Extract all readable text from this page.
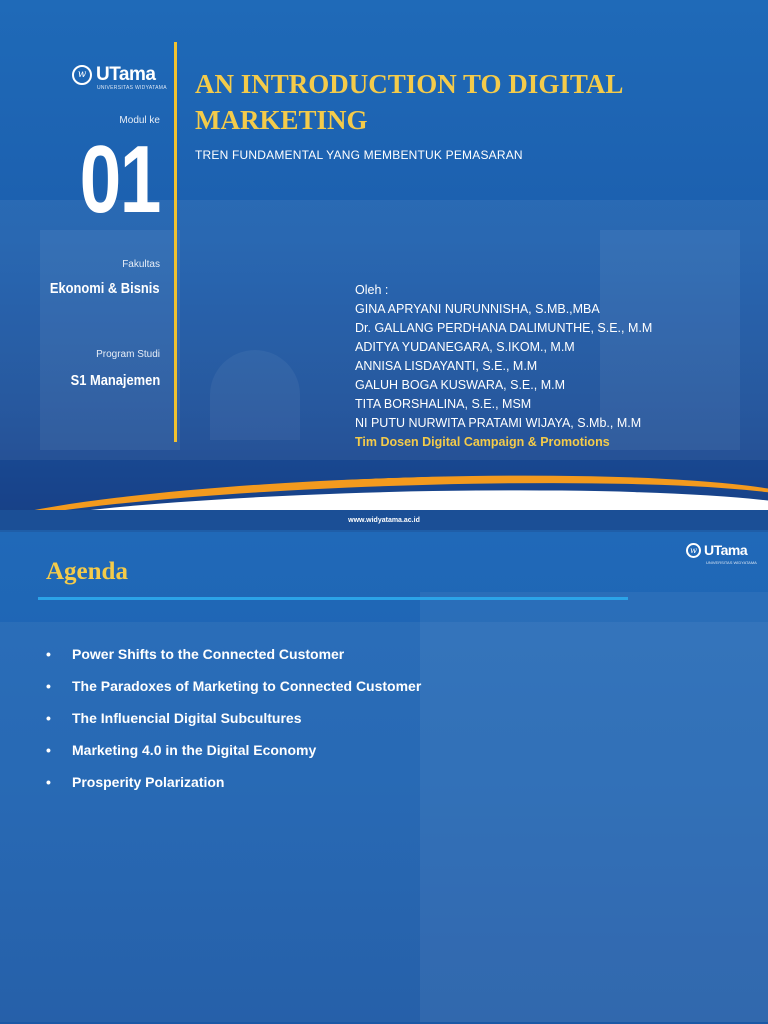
w UTama
UNIVERSITAS WIDYATAMA
Modul ke
01
Fakultas
Ekonomi & Bisnis
Program Studi
S1 Manajemen
AN INTRODUCTION TO DIGITAL
MARKETING
TREN FUNDAMENTAL YANG MEMBENTUK PEMASARAN
Oleh :
GINA APRYANI NURUNNISHA, S.MB.,MBA
Dr. GALLANG PERDHANA DALIMUNTHE, S.E., M.M
ADITYA YUDANEGARA, S.IKOM., M.M
ANNISA LISDAYANTI, S.E., M.M
GALUH BOGA KUSWARA, S.E., M.M
TITA BORSHALINA, S.E., MSM
NI PUTU NURWITA PRATAMI WIJAYA, S.Mb., M.M
Tim Dosen Digital Campaign & Promotions
www.widyatama.ac.id
Agenda
w UTama
UNIVERSITAS WIDYATAMA
• Power Shifts to the Connected Customer
• The Paradoxes of Marketing to Connected Customer
• The Influencial Digital Subcultures
• Marketing 4.0 in the Digital Economy
• Prosperity Polarization
